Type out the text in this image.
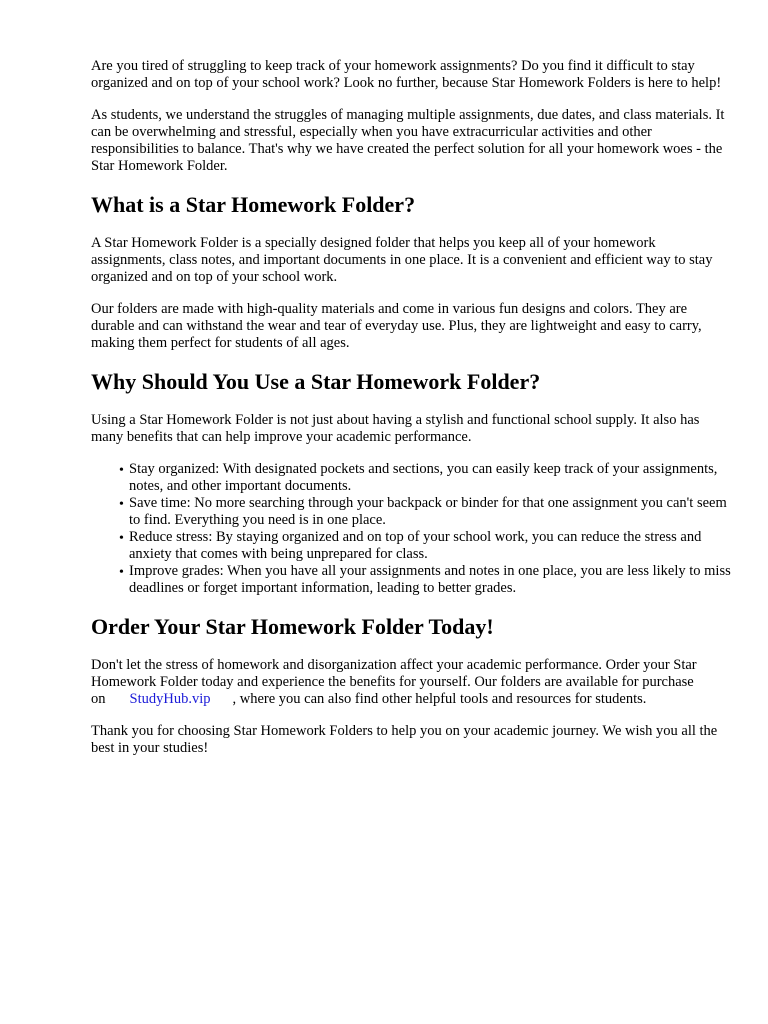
Are you tired of struggling to keep track of your homework assignments? Do you find it difficult to stay organized and on top of your school work? Look no further, because Star Homework Folders is here to help!

As students, we understand the struggles of managing multiple assignments, due dates, and class materials. It can be overwhelming and stressful, especially when you have extracurricular activities and other responsibilities to balance. That's why we have created the perfect solution for all your homework woes - the Star Homework Folder.

What is a Star Homework Folder?

A Star Homework Folder is a specially designed folder that helps you keep all of your homework assignments, class notes, and important documents in one place. It is a convenient and efficient way to stay organized and on top of your school work.

Our folders are made with high-quality materials and come in various fun designs and colors. They are durable and can withstand the wear and tear of everyday use. Plus, they are lightweight and easy to carry, making them perfect for students of all ages.

Why Should You Use a Star Homework Folder?

Using a Star Homework Folder is not just about having a stylish and functional school supply. It also has many benefits that can help improve your academic performance.

• Stay organized: With designated pockets and sections, you can easily keep track of your assignments, notes, and other important documents.
• Save time: No more searching through your backpack or binder for that one assignment you can't seem to find. Everything you need is in one place.
• Reduce stress: By staying organized and on top of your school work, you can reduce the stress and anxiety that comes with being unprepared for class.
• Improve grades: When you have all your assignments and notes in one place, you are less likely to miss deadlines or forget important information, leading to better grades.
Order Your Star Homework Folder Today!

Don't let the stress of homework and disorganization affect your academic performance. Order your Star Homework Folder today and experience the benefits for yourself. Our folders are available for purchase on StudyHub.vip , where you can also find other helpful tools and resources for students.

Thank you for choosing Star Homework Folders to help you on your academic journey. We wish you all the best in your studies!
